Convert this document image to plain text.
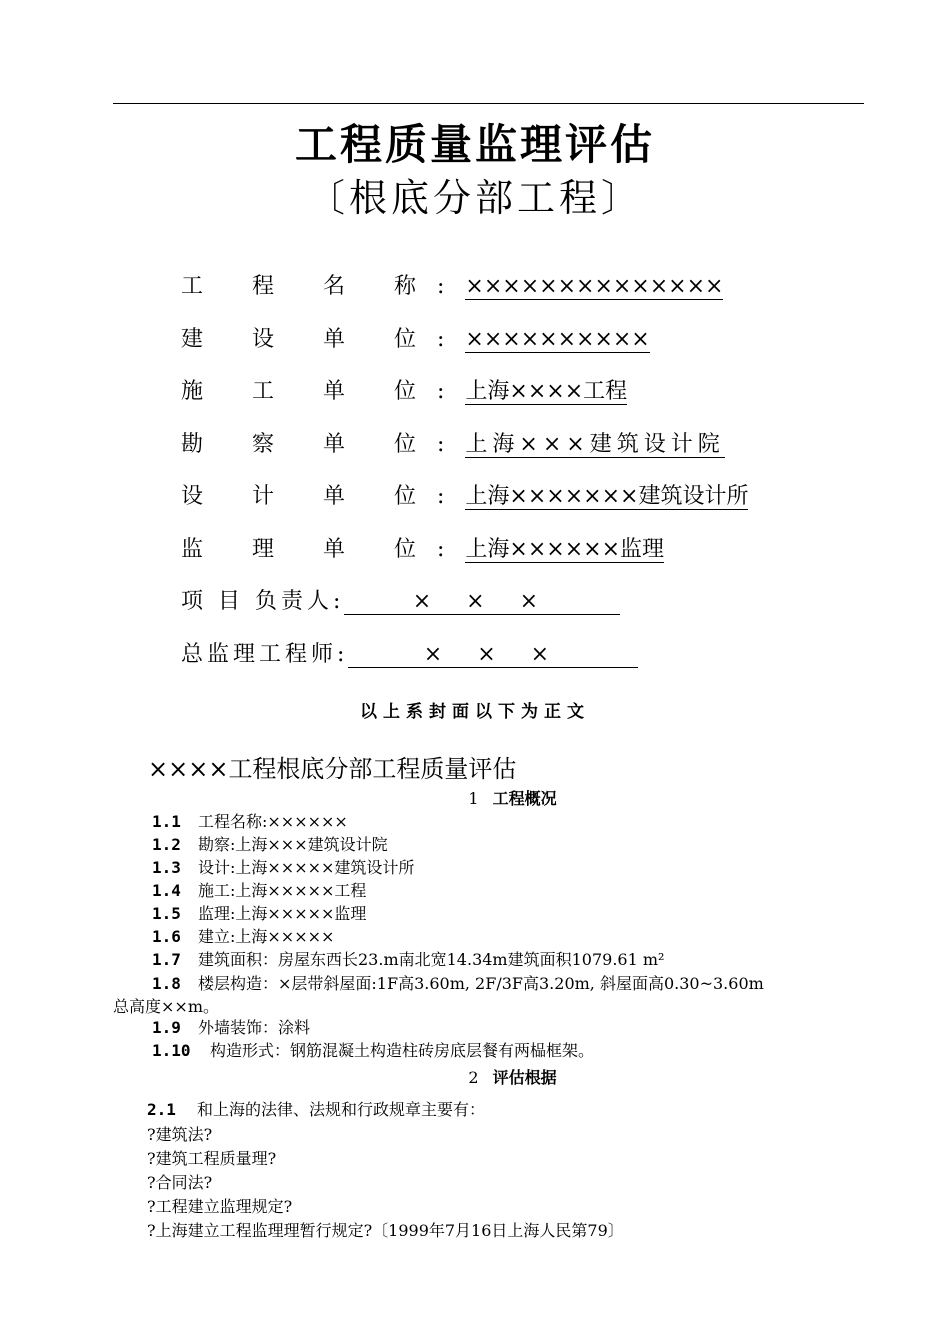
工程质量监理评估
〔根底分部工程〕
工 程 名 称:××××××××××××××
建 设 单 位:××××××××××
施 工 单 位:上海××××工程
勘 察 单 位:上海×××建筑设计院
设 计 单 位:上海×××××××建筑设计所
监 理 单 位:上海××××××监理
项 目 负责人:	× × ×
总监理工程师:	× × ×
以上系封面以下为正文
××××工程根底分部工程质量评估
1 工程概况
1.1 工程名称:××××××
1.2 勘察:上海×××建筑设计院
1.3 设计:上海×××××建筑设计所
1.4 施工:上海×××××工程
1.5 监理:上海×××××监理
1.6 建立:上海×××××
1.7 建筑面积：房屋东西长23.m南北宽14.34m建筑面积1079.61 m²
1.8 楼层构造：×层带斜屋面:1F高3.60m, 2F/3F高3.20m, 斜屋面高0.30~3.60m
总高度××m。
1.9 外墙装饰：涂料
1.10 构造形式：钢筋混凝土构造柱砖房底层餐有两榀框架。
2 评估根据
2.1 和上海的法律、法规和行政规章主要有：
?建筑法?
?建筑工程质量理?
?合同法?
?工程建立监理规定?
?上海建立工程监理理暂行规定?〔1999年7月16日上海人民第79〕
